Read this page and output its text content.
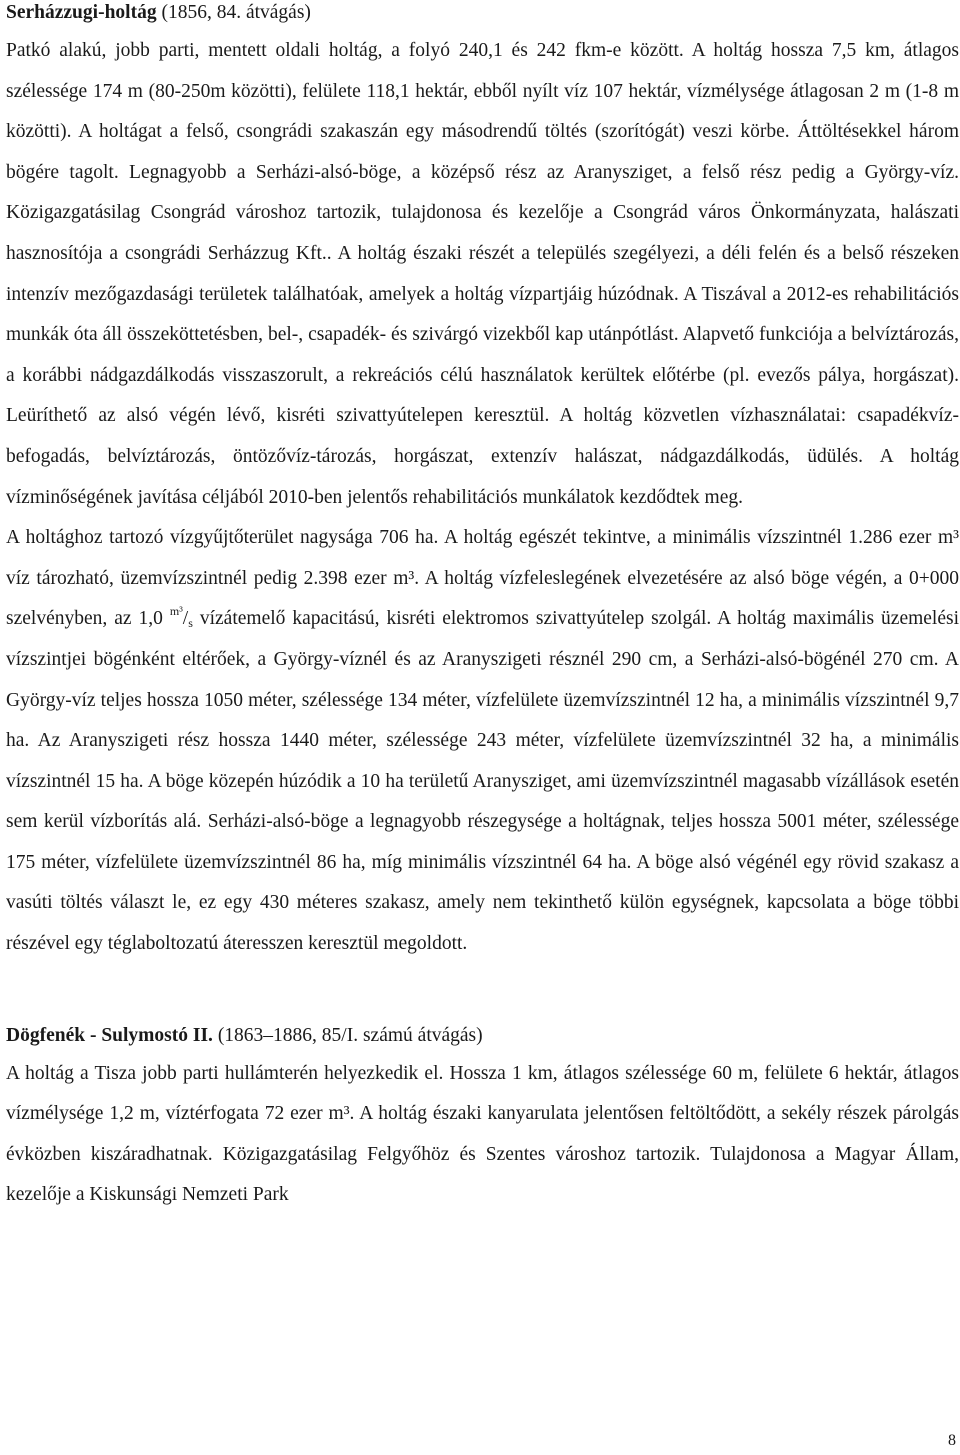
Serházzugi-holtág (1856, 84. átvágás)

Patkó alakú, jobb parti, mentett oldali holtág, a folyó 240,1 és 242 fkm-e között. A holtág hossza 7,5 km, átlagos szélessége 174 m (80-250m közötti), felülete 118,1 hektár, ebből nyílt víz 107 hektár, vízmélysége átlagosan 2 m (1-8 m közötti). A holtágat a felső, csongrádi szakaszán egy másodrendű töltés (szorítógát) veszi körbe. Áttöltésekkel három bögére tagolt. Legnagyobb a Serházi-alsó-böge, a középső rész az Aranysziget, a felső rész pedig a György-víz. Közigazgatásilag Csongrád városhoz tartozik, tulajdonosa és kezelője a Csongrád város Önkormányzata, halászati hasznosítója a csongrádi Serházzug Kft.. A holtág északi részét a település szegélyezi, a déli felén és a belső részeken intenzív mezőgazdasági területek találhatóak, amelyek a holtág vízpartjáig húzódnak. A Tiszával a 2012-es rehabilitációs munkák óta áll összeköttetésben, bel-, csapadék- és szivárgó vizekből kap utánpótlást. Alapvető funkciója a belvíztározás, a korábbi nádgazdálkodás visszaszorult, a rekreációs célú használatok kerültek előtérbe (pl. evezős pálya, horgászat). Leüríthető az alsó végén lévő, kisréti szivattyútelepen keresztül. A holtág közvetlen vízhasználatai: csapadékvíz-befogadás, belvíztározás, öntözővíz-tározás, horgászat, extenzív halászat, nádgazdálkodás, üdülés. A holtág vízminőségének javítása céljából 2010-ben jelentős rehabilitációs munkálatok kezdődtek meg.

A holtághoz tartozó vízgyűjtőterület nagysága 706 ha. A holtág egészét tekintve, a minimális vízszintnél 1.286 ezer m³ víz tározható, üzemvízszintnél pedig 2.398 ezer m³. A holtág vízfeleslegének elvezetésére az alsó böge végén, a 0+000 szelvényben, az 1,0 $^{m^3}/_s$ vízátemelő kapacitású, kisréti elektromos szivattyútelep szolgál. A holtág maximális üzemelési vízszintjei bögénként eltérőek, a György-víznél és az Aranyszigeti résznél 290 cm, a Serházi-alsó-bögénél 270 cm. A György-víz teljes hossza 1050 méter, szélessége 134 méter, vízfelülete üzemvízszintnél 12 ha, a minimális vízszintnél 9,7 ha. Az Aranyszigeti rész hossza 1440 méter, szélessége 243 méter, vízfelülete üzemvízszintnél 32 ha, a minimális vízszintnél 15 ha. A böge közepén húzódik a 10 ha területű Aranysziget, ami üzemvízszintnél magasabb vízállások esetén sem kerül vízborítás alá. Serházi-alsó-böge a legnagyobb részegysége a holtágnak, teljes hossza 5001 méter, szélessége 175 méter, vízfelülete üzemvízszintnél 86 ha, míg minimális vízszintnél 64 ha. A böge alsó végénél egy rövid szakasz a vasúti töltés választ le, ez egy 430 méteres szakasz, amely nem tekinthető külön egységnek, kapcsolata a böge többi részével egy téglaboltozatú áteresszen keresztül megoldott.

Dögfenék - Sulymostó II. (1863–1886, 85/I. számú átvágás)

A holtág a Tisza jobb parti hullámterén helyezkedik el. Hossza 1 km, átlagos szélessége 60 m, felülete 6 hektár, átlagos vízmélysége 1,2 m, víztérfogata 72 ezer m³. A holtág északi kanyarulata jelentősen feltöltődött, a sekély részek párolgás évközben kiszáradhatnak. Közigazgatásilag Felgyőhöz és Szentes városhoz tartozik. Tulajdonosa a Magyar Állam, kezelője a Kiskunsági Nemzeti Park

8
